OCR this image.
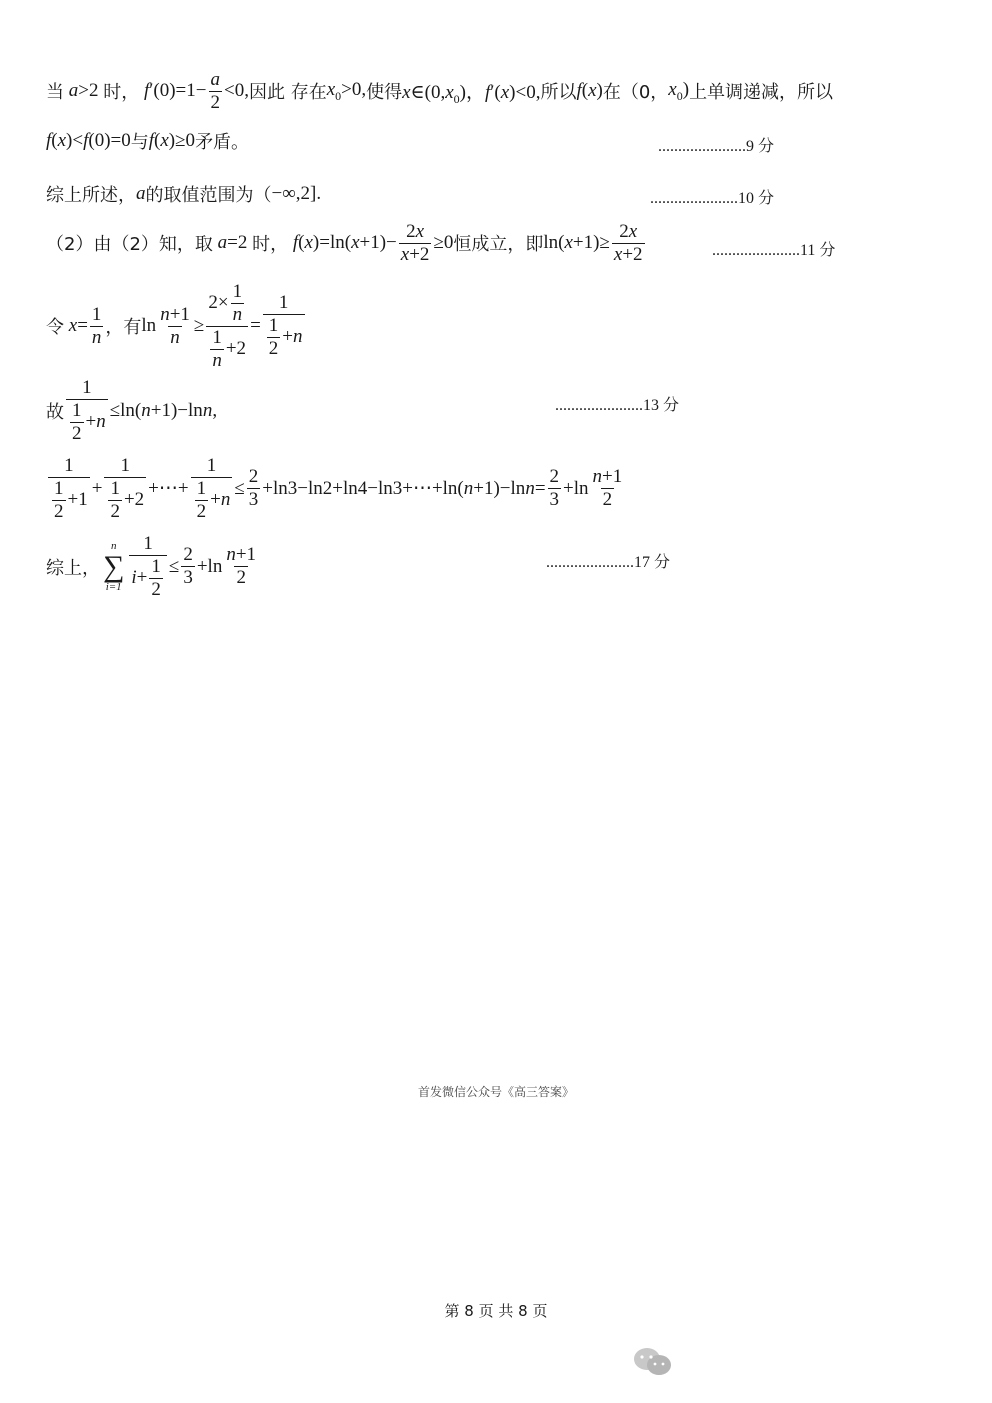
当 a>2 时， $f'(0)=1- \frac{a}{2} <0$, 因此 存在 $x_0>0$, 使得 $x\in(0,x_0)$，f′(x)<0, 所以 f(x) 在（0， $x_0$) 上单调递减，所以
f(x)<f(0)=0 与 f(x)≥0 矛盾。	......................9 分
综上所述， a 的取值范围为（ −∞,2].	......................10 分
（2）由（2）知，取 a=2 时， $f(x)=\ln(x+1)- \frac{2x}{x+2} \ge 0$ 恒成立，即 $\ln(x+1)\ge \frac{2x}{x+2}$	......................11 分
令 $x= \frac{1}{n}$ ，有 $\ln \frac{n+1}{n} \ge \frac{2\times \frac{1}{n}}{\frac{1}{n} +2} = \frac{1}{\frac{1}{2} +n}$
故 $\frac{1}{\frac{1}{2} +n} \le\ln(n+1)-\ln n$,	......................13 分
$\frac{1}{\frac{1}{2} +1} + \frac{1}{\frac{1}{2} +2}$ +⋯+ $\frac{1}{\frac{1}{2} +n} \le \frac{2}{3}$ +ln3−ln2+ln4−ln3+⋯+ln(n+1)−lnn= $\frac{2}{3} +\ln \frac{n+1}{2}$
综上，
n
∑
$i=1 \frac{1}{i+ \frac{1}{2}} \le \frac{2}{3} +\ln \frac{n+1}{2}$	......................17 分
首发微信公众号《高三答案》
第 8 页 共 8 页
